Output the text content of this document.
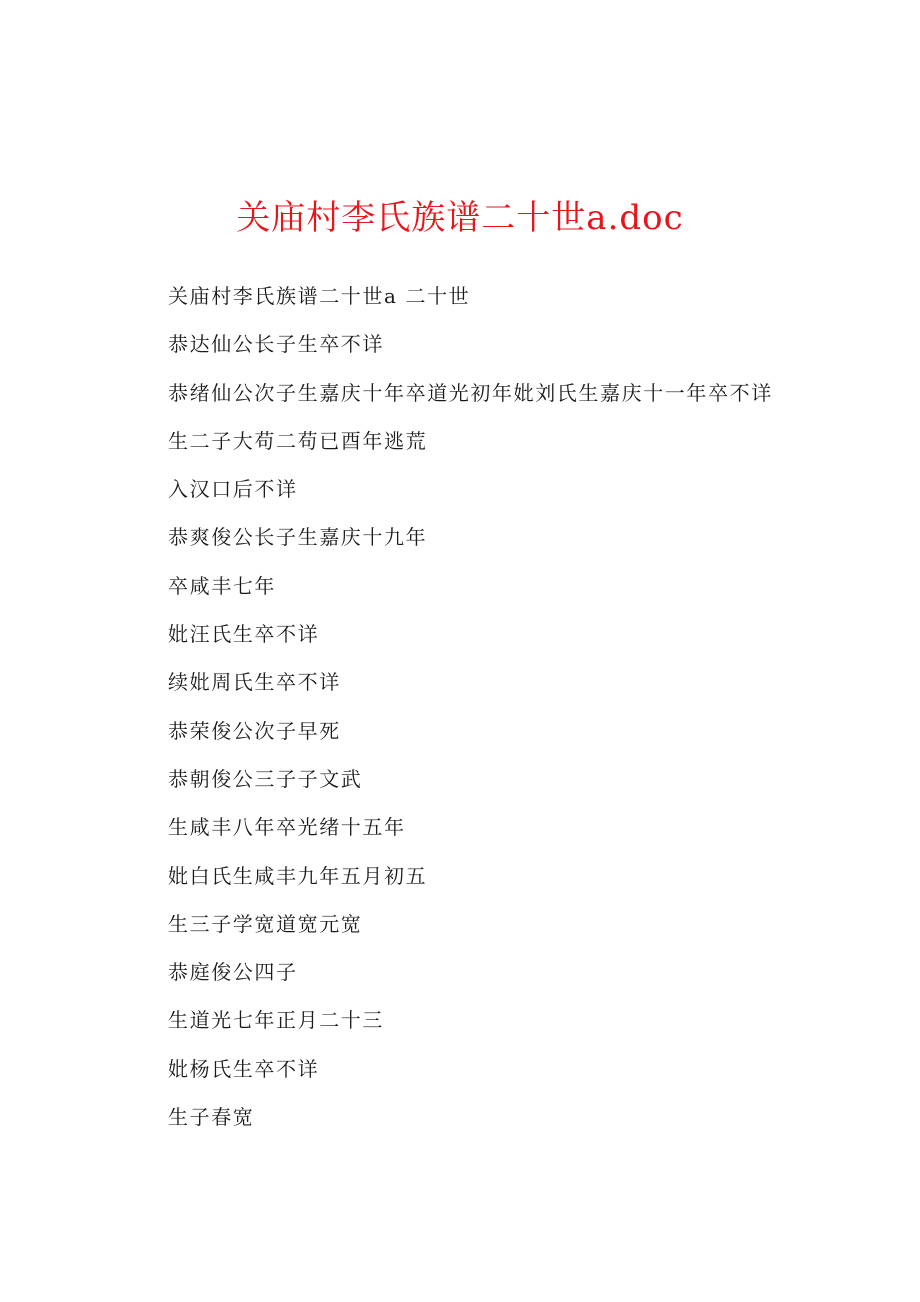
关庙村李氏族谱二十世a.doc
关庙村李氏族谱二十世a 二十世
恭达仙公长子生卒不详
恭绪仙公次子生嘉庆十年卒道光初年妣刘氏生嘉庆十一年卒不详
生二子大苟二苟已酉年逃荒
入汉口后不详
恭爽俊公长子生嘉庆十九年
卒咸丰七年
妣汪氏生卒不详
续妣周氏生卒不详
恭荣俊公次子早死
恭朝俊公三子子文武
生咸丰八年卒光绪十五年
妣白氏生咸丰九年五月初五
生三子学宽道宽元宽
恭庭俊公四子
生道光七年正月二十三
妣杨氏生卒不详
生子春宽
